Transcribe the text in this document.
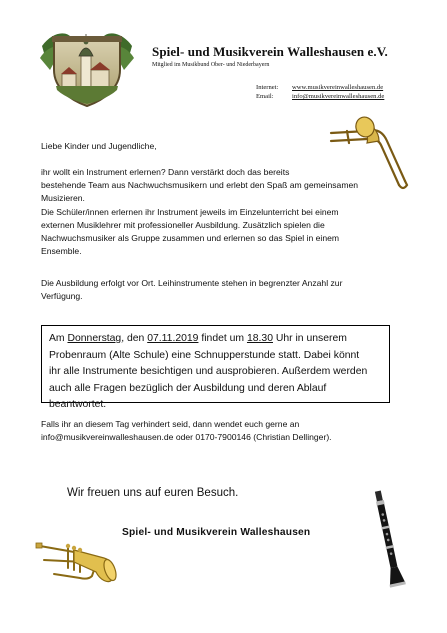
Spiel- und Musikverein Walleshausen e.V.
Mitglied im Musikbund Ober- und Niederbayern
Internet: www.musikvereinwalleshausen.de
Email:	info@musikvereinwalleshausen.de
Liebe Kinder und Jugendliche,
ihr wollt ein Instrument erlernen? Dann verstärkt doch das bereits
bestehende Team aus Nachwuchsmusikern und erlebt den Spaß am gemeinsamen
Musizieren.
Die Schüler/innen erlernen ihr Instrument jeweils im Einzelunterricht bei einem
externen Musiklehrer mit professioneller Ausbildung. Zusätzlich spielen die
Nachwuchsmusiker als Gruppe zusammen und erlernen so das Spiel in einem
Ensemble.
Die Ausbildung erfolgt vor Ort. Leihinstrumente stehen in begrenzter Anzahl zur
Verfügung.
Am Donnerstag, den 07.11.2019 findet um 18.30 Uhr in unserem
Probenraum (Alte Schule) eine Schnupperstunde statt. Dabei könnt
ihr alle Instrumente besichtigen und ausprobieren. Außerdem werden
auch alle Fragen bezüglich der Ausbildung und deren Ablauf
beantwortet.
Falls ihr an diesem Tag verhindert seid, dann wendet euch gerne an
info@musikvereinwalleshausen.de oder 0170-7900146 (Christian Dellinger).
Wir freuen uns auf euren Besuch.
Spiel- und Musikverein Walleshausen
